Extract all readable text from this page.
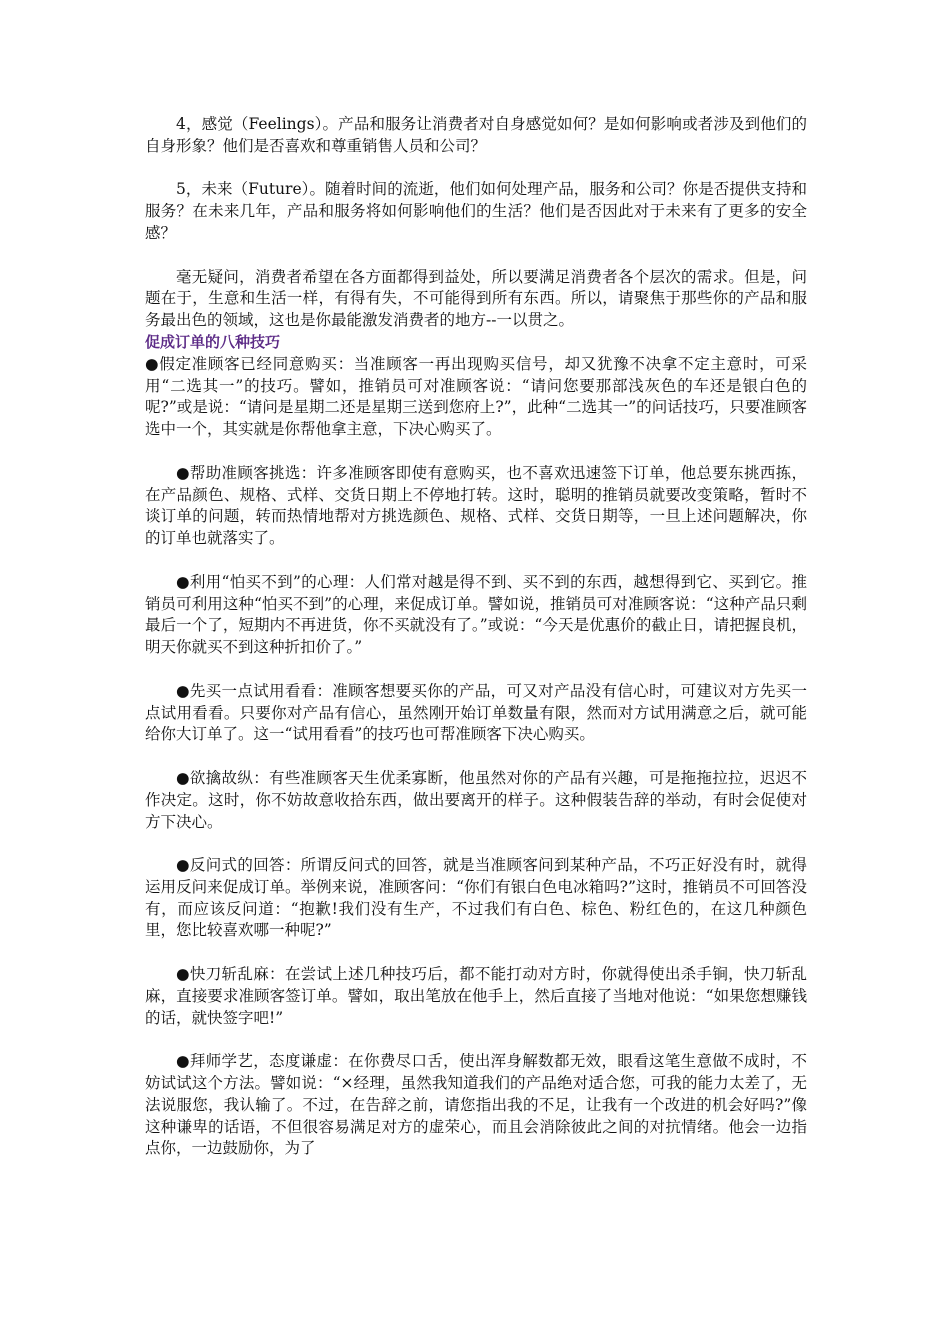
4，感觉（Feelings）。产品和服务让消费者对自身感觉如何？是如何影响或者涉及到他们的自身形象？他们是否喜欢和尊重销售人员和公司？

5，未来（Future）。随着时间的流逝，他们如何处理产品，服务和公司？你是否提供支持和服务？在未来几年，产品和服务将如何影响他们的生活？他们是否因此对于未来有了更多的安全感？

毫无疑问，消费者希望在各方面都得到益处，所以要满足消费者各个层次的需求。但是，问题在于，生意和生活一样，有得有失，不可能得到所有东西。所以，请聚焦于那些你的产品和服务最出色的领域，这也是你最能激发消费者的地方--一以贯之。

促成订单的八种技巧

●假定准顾客已经同意购买：当准顾客一再出现购买信号，却又犹豫不决拿不定主意时，可采用“二选其一”的技巧。譬如，推销员可对准顾客说：“请问您要那部浅灰色的车还是银白色的呢?”或是说：“请问是星期二还是星期三送到您府上?”，此种“二选其一”的问话技巧，只要准顾客选中一个，其实就是你帮他拿主意，下决心购买了。

●帮助准顾客挑选：许多准顾客即使有意购买，也不喜欢迅速签下订单，他总要东挑西拣，在产品颜色、规格、式样、交货日期上不停地打转。这时，聪明的推销员就要改变策略，暂时不谈订单的问题，转而热情地帮对方挑选颜色、规格、式样、交货日期等，一旦上述问题解决，你的订单也就落实了。

●利用“怕买不到”的心理：人们常对越是得不到、买不到的东西，越想得到它、买到它。推销员可利用这种“怕买不到”的心理，来促成订单。譬如说，推销员可对准顾客说：“这种产品只剩最后一个了，短期内不再进货，你不买就没有了。”或说：“今天是优惠价的截止日，请把握良机，明天你就买不到这种折扣价了。”

●先买一点试用看看：准顾客想要买你的产品，可又对产品没有信心时，可建议对方先买一点试用看看。只要你对产品有信心，虽然刚开始订单数量有限，然而对方试用满意之后，就可能给你大订单了。这一“试用看看”的技巧也可帮准顾客下决心购买。

●欲擒故纵：有些准顾客天生优柔寡断，他虽然对你的产品有兴趣，可是拖拖拉拉，迟迟不作决定。这时，你不妨故意收拾东西，做出要离开的样子。这种假装告辞的举动，有时会促使对方下决心。

●反问式的回答：所谓反问式的回答，就是当准顾客问到某种产品，不巧正好没有时，就得运用反问来促成订单。举例来说，准顾客问：“你们有银白色电冰箱吗?”这时，推销员不可回答没有，而应该反问道：“抱歉!我们没有生产，不过我们有白色、棕色、粉红色的，在这几种颜色里，您比较喜欢哪一种呢?”

●快刀斩乱麻：在尝试上述几种技巧后，都不能打动对方时，你就得使出杀手锏，快刀斩乱麻，直接要求准顾客签订单。譬如，取出笔放在他手上，然后直接了当地对他说：“如果您想赚钱的话，就快签字吧!”

●拜师学艺，态度谦虚：在你费尽口舌，使出浑身解数都无效，眼看这笔生意做不成时，不妨试试这个方法。譬如说：“×经理，虽然我知道我们的产品绝对适合您，可我的能力太差了，无法说服您，我认输了。不过，在告辞之前，请您指出我的不足，让我有一个改进的机会好吗?”像这种谦卑的话语，不但很容易满足对方的虚荣心，而且会消除彼此之间的对抗情绪。他会一边指点你，一边鼓励你，为了
